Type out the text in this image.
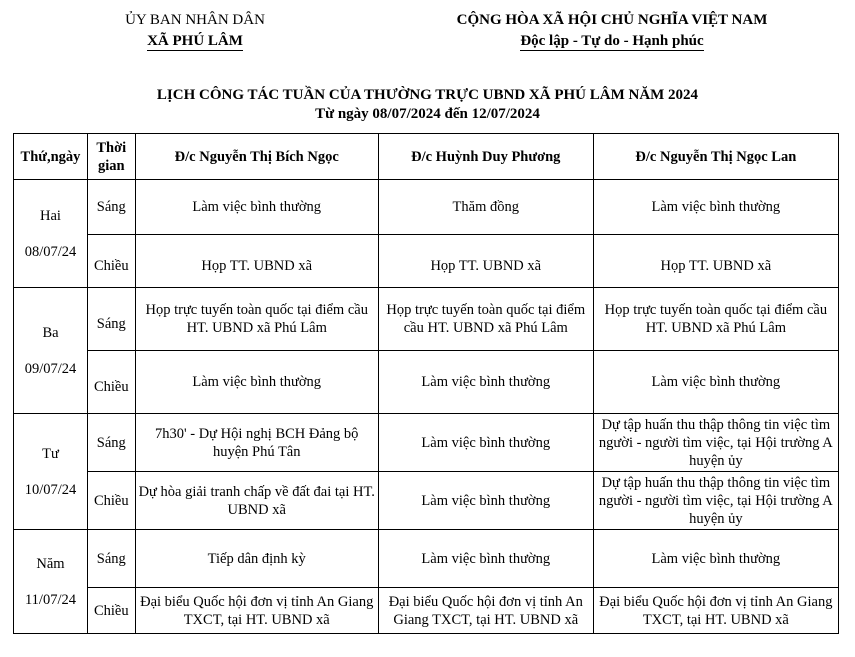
ỦY BAN NHÂN DÂN
XÃ PHÚ LÂM
CỘNG HÒA XÃ HỘI CHỦ NGHĨA VIỆT NAM
Độc lập - Tự do - Hạnh phúc
LỊCH CÔNG TÁC TUẦN CỦA THƯỜNG TRỰC UBND XÃ PHÚ LÂM NĂM 2024
Từ ngày 08/07/2024 đến 12/07/2024
Thứ,ngày	Thời gian	Đ/c Nguyễn Thị Bích Ngọc	Đ/c Huỳnh Duy Phương	Đ/c Nguyễn Thị Ngọc Lan

Hai
08/07/24	Sáng	Làm việc bình thường	Thăm đồng	Làm việc bình thường
	Chiều	Họp TT. UBND xã	Họp TT. UBND xã	Họp TT. UBND xã

Ba
09/07/24	Sáng	Họp trực tuyến toàn quốc tại điểm cầu HT. UBND xã Phú Lâm	Họp trực tuyến toàn quốc tại điểm cầu HT. UBND xã Phú Lâm	Họp trực tuyến toàn quốc tại điểm cầu HT. UBND xã Phú Lâm
	Chiều	Làm việc bình thường	Làm việc bình thường	Làm việc bình thường

Tư
10/07/24	Sáng	7h30' - Dự Hội nghị BCH Đảng bộ huyện Phú Tân	Làm việc bình thường	Dự tập huấn thu thập thông tin việc tìm người - người tìm việc, tại Hội trường A huyện ủy
	Chiều	Dự hòa giải tranh chấp về đất đai tại HT. UBND xã	Làm việc bình thường	Dự tập huấn thu thập thông tin việc tìm người - người tìm việc, tại Hội trường A huyện ủy

Năm
11/07/24	Sáng	Tiếp dân định kỳ	Làm việc bình thường	Làm việc bình thường
	Chiều	Đại biểu Quốc hội đơn vị tỉnh An Giang TXCT, tại HT. UBND xã	Đại biểu Quốc hội đơn vị tỉnh An Giang TXCT, tại HT. UBND xã	Đại biểu Quốc hội đơn vị tỉnh An Giang TXCT, tại HT. UBND xã
